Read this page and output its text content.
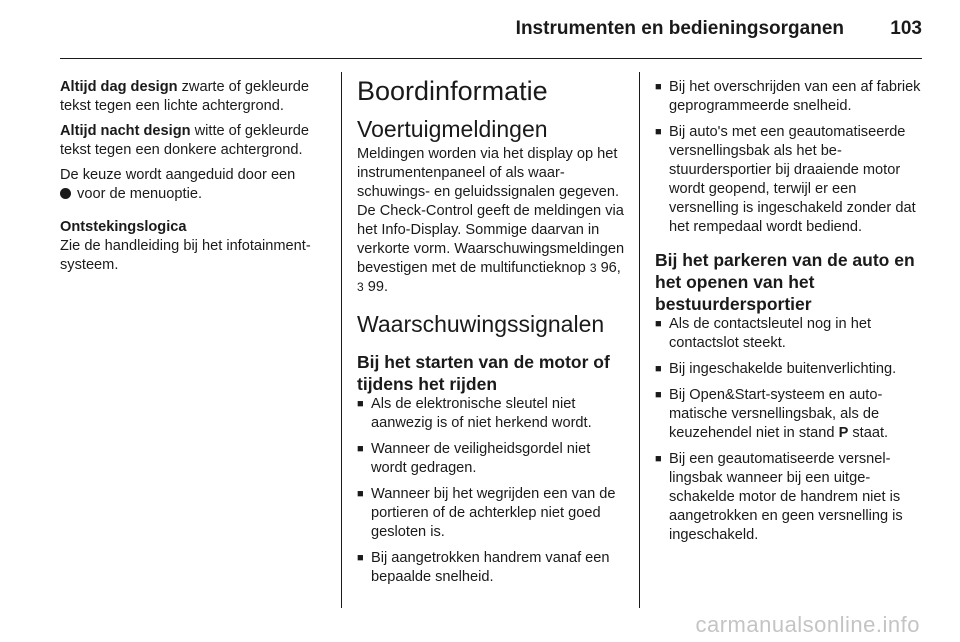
Instrumenten en bedieningsorganen 103

Altijd dag design zwarte of gekleurde tekst tegen een lichte achtergrond.

Altijd nacht design witte of gekleurde tekst tegen een donkere achtergrond.

De keuze wordt aangeduid door een
voor de menuoptie.

Ontstekingslogica

Zie de handleiding bij het infotainment-systeem.

Boordinformatie
Voertuigmeldingen

Meldingen worden via het display op het instrumentenpaneel of als waarschuwings- en geluidssignalen gegeven. De Check-Control geeft de meldingen via het Info-Display. Sommige daarvan in verkorte vorm. Waarschuwingsmeldingen bevestigen met de multifunctieknop 3 96, 3 99.

Waarschuwingssignalen
Bij het starten van de motor of tijdens het rijden
■ Als de elektronische sleutel niet aanwezig is of niet herkend wordt.
■ Wanneer de veiligheidsgordel niet wordt gedragen.
■ Wanneer bij het wegrijden een van de portieren of de achterklep niet goed gesloten is.
■ Bij aangetrokken handrem vanaf een bepaalde snelheid.
■ Bij het overschrijden van een af fabriek geprogrammeerde snelheid.
■ Bij auto's met een geautomatiseerde versnellingsbak als het bestuurdersportier bij draaiende motor wordt geopend, terwijl er een versnelling is ingeschakeld zonder dat het rempedaal wordt bediend.
Bij het parkeren van de auto en het openen van het bestuurdersportier
■ Als de contactsleutel nog in het contactslot steekt.
■ Bij ingeschakelde buitenverlichting.
■ Bij Open&Start-systeem en automatische versnellingsbak, als de keuzehendel niet in stand P staat.
■ Bij een geautomatiseerde versnellingsbak wanneer bij een uitgeschakelde motor de handrem niet is aangetrokken en geen versnelling is ingeschakeld.
carmanualsonline.info
